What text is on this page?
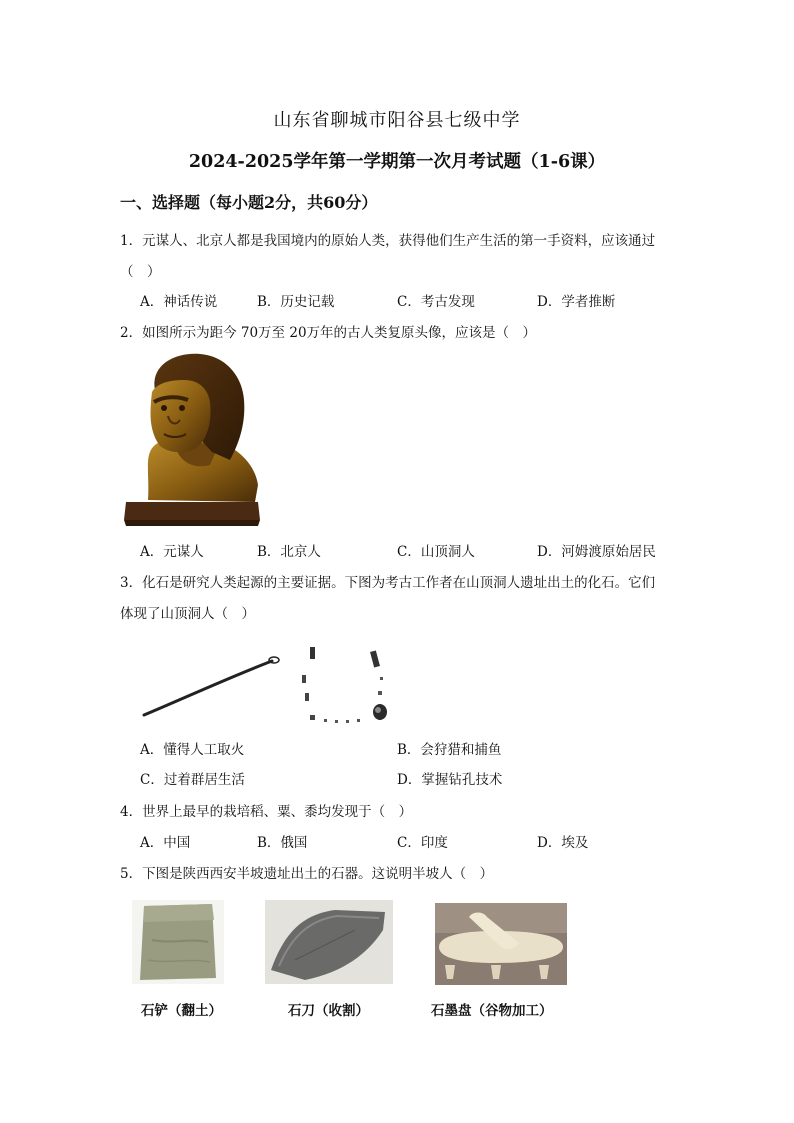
山东省聊城市阳谷县七级中学
2024-2025学年第一学期第一次月考试题（1-6课）
一、选择题（每小题2分，共60分）
1．元谋人、北京人都是我国境内的原始人类，获得他们生产生活的第一手资料，应该通过
（　）
A．神话传说	B．历史记载	C．考古发现	D．学者推断
2．如图所示为距今 70万至 20万年的古人类复原头像，应该是（　）
A．元谋人	B．北京人	C．山顶洞人	D．河姆渡原始居民
3．化石是研究人类起源的主要证据。下图为考古工作者在山顶洞人遗址出土的化石。它们
体现了山顶洞人（　）
A．懂得人工取火	B．会狩猎和捕鱼
C．过着群居生活	D．掌握钻孔技术
4．世界上最早的栽培稻、粟、黍均发现于（　）
A．中国	B．俄国	C．印度	D．埃及
5．下图是陕西西安半坡遗址出土的石器。这说明半坡人（　）
石铲（翻土）	石刀（收割）	石墨盘（谷物加工）
